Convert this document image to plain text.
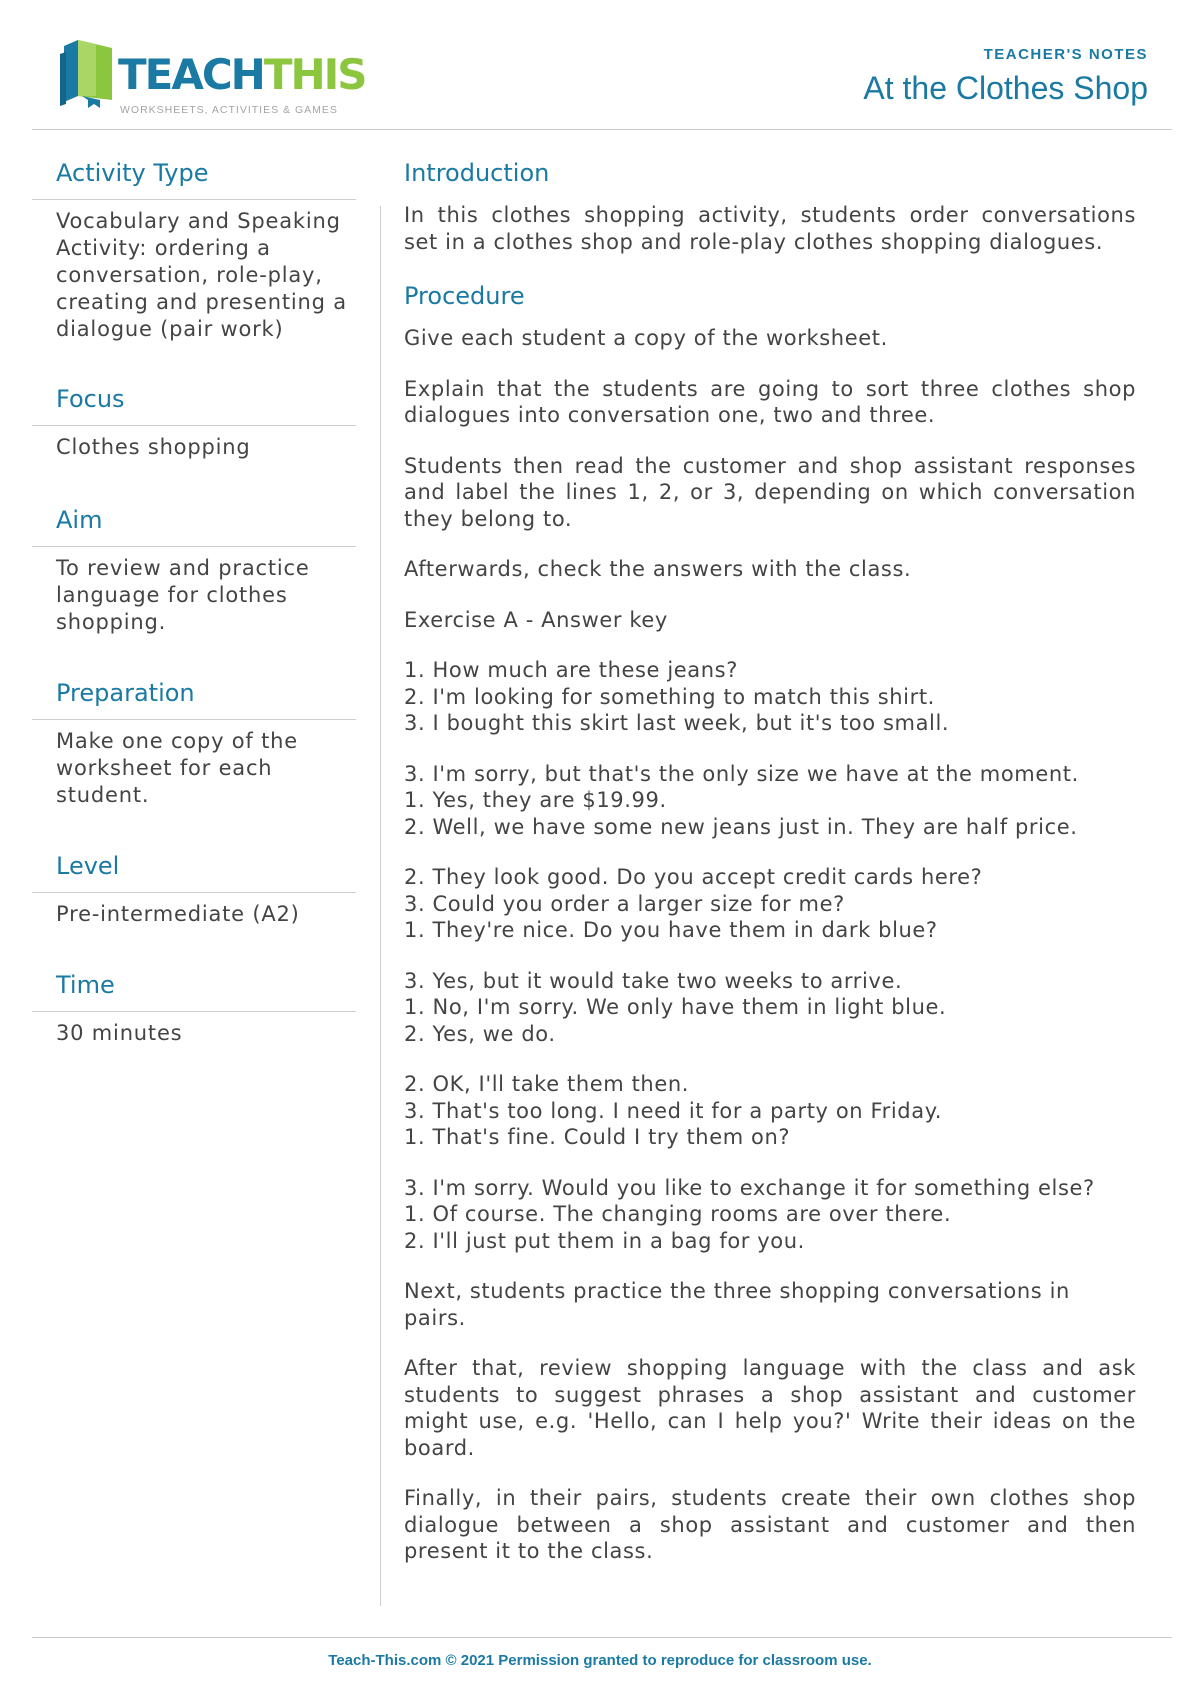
TEACHTHIS
WORKSHEETS, ACTIVITIES & GAMES
TEACHER'S NOTES
At the Clothes Shop
Activity Type
Vocabulary and Speaking Activity: ordering a conversation, role-play, creating and presenting a dialogue (pair work)
Focus
Clothes shopping
Aim
To review and practice language for clothes shopping.
Preparation
Make one copy of the worksheet for each student.
Level
Pre-intermediate (A2)
Time
30 minutes
Introduction
In this clothes shopping activity, students order conversations set in a clothes shop and role-play clothes shopping dialogues.
Procedure
Give each student a copy of the worksheet.
Explain that the students are going to sort three clothes shop dialogues into conversation one, two and three.
Students then read the customer and shop assistant responses and label the lines 1, 2, or 3, depending on which conversation they belong to.
Afterwards, check the answers with the class.
Exercise A - Answer key
1. How much are these jeans?
2. I'm looking for something to match this shirt.
3. I bought this skirt last week, but it's too small.
3. I'm sorry, but that's the only size we have at the moment.
1. Yes, they are $19.99.
2. Well, we have some new jeans just in. They are half price.
2. They look good. Do you accept credit cards here?
3. Could you order a larger size for me?
1. They're nice. Do you have them in dark blue?
3. Yes, but it would take two weeks to arrive.
1. No, I'm sorry. We only have them in light blue.
2. Yes, we do.
2. OK, I'll take them then.
3. That's too long. I need it for a party on Friday.
1. That's fine. Could I try them on?
3. I'm sorry. Would you like to exchange it for something else?
1. Of course. The changing rooms are over there.
2. I'll just put them in a bag for you.
Next, students practice the three shopping conversations in pairs.
After that, review shopping language with the class and ask students to suggest phrases a shop assistant and customer might use, e.g. 'Hello, can I help you?' Write their ideas on the board.
Finally, in their pairs, students create their own clothes shop dialogue between a shop assistant and customer and then present it to the class.
Teach-This.com © 2021 Permission granted to reproduce for classroom use.
